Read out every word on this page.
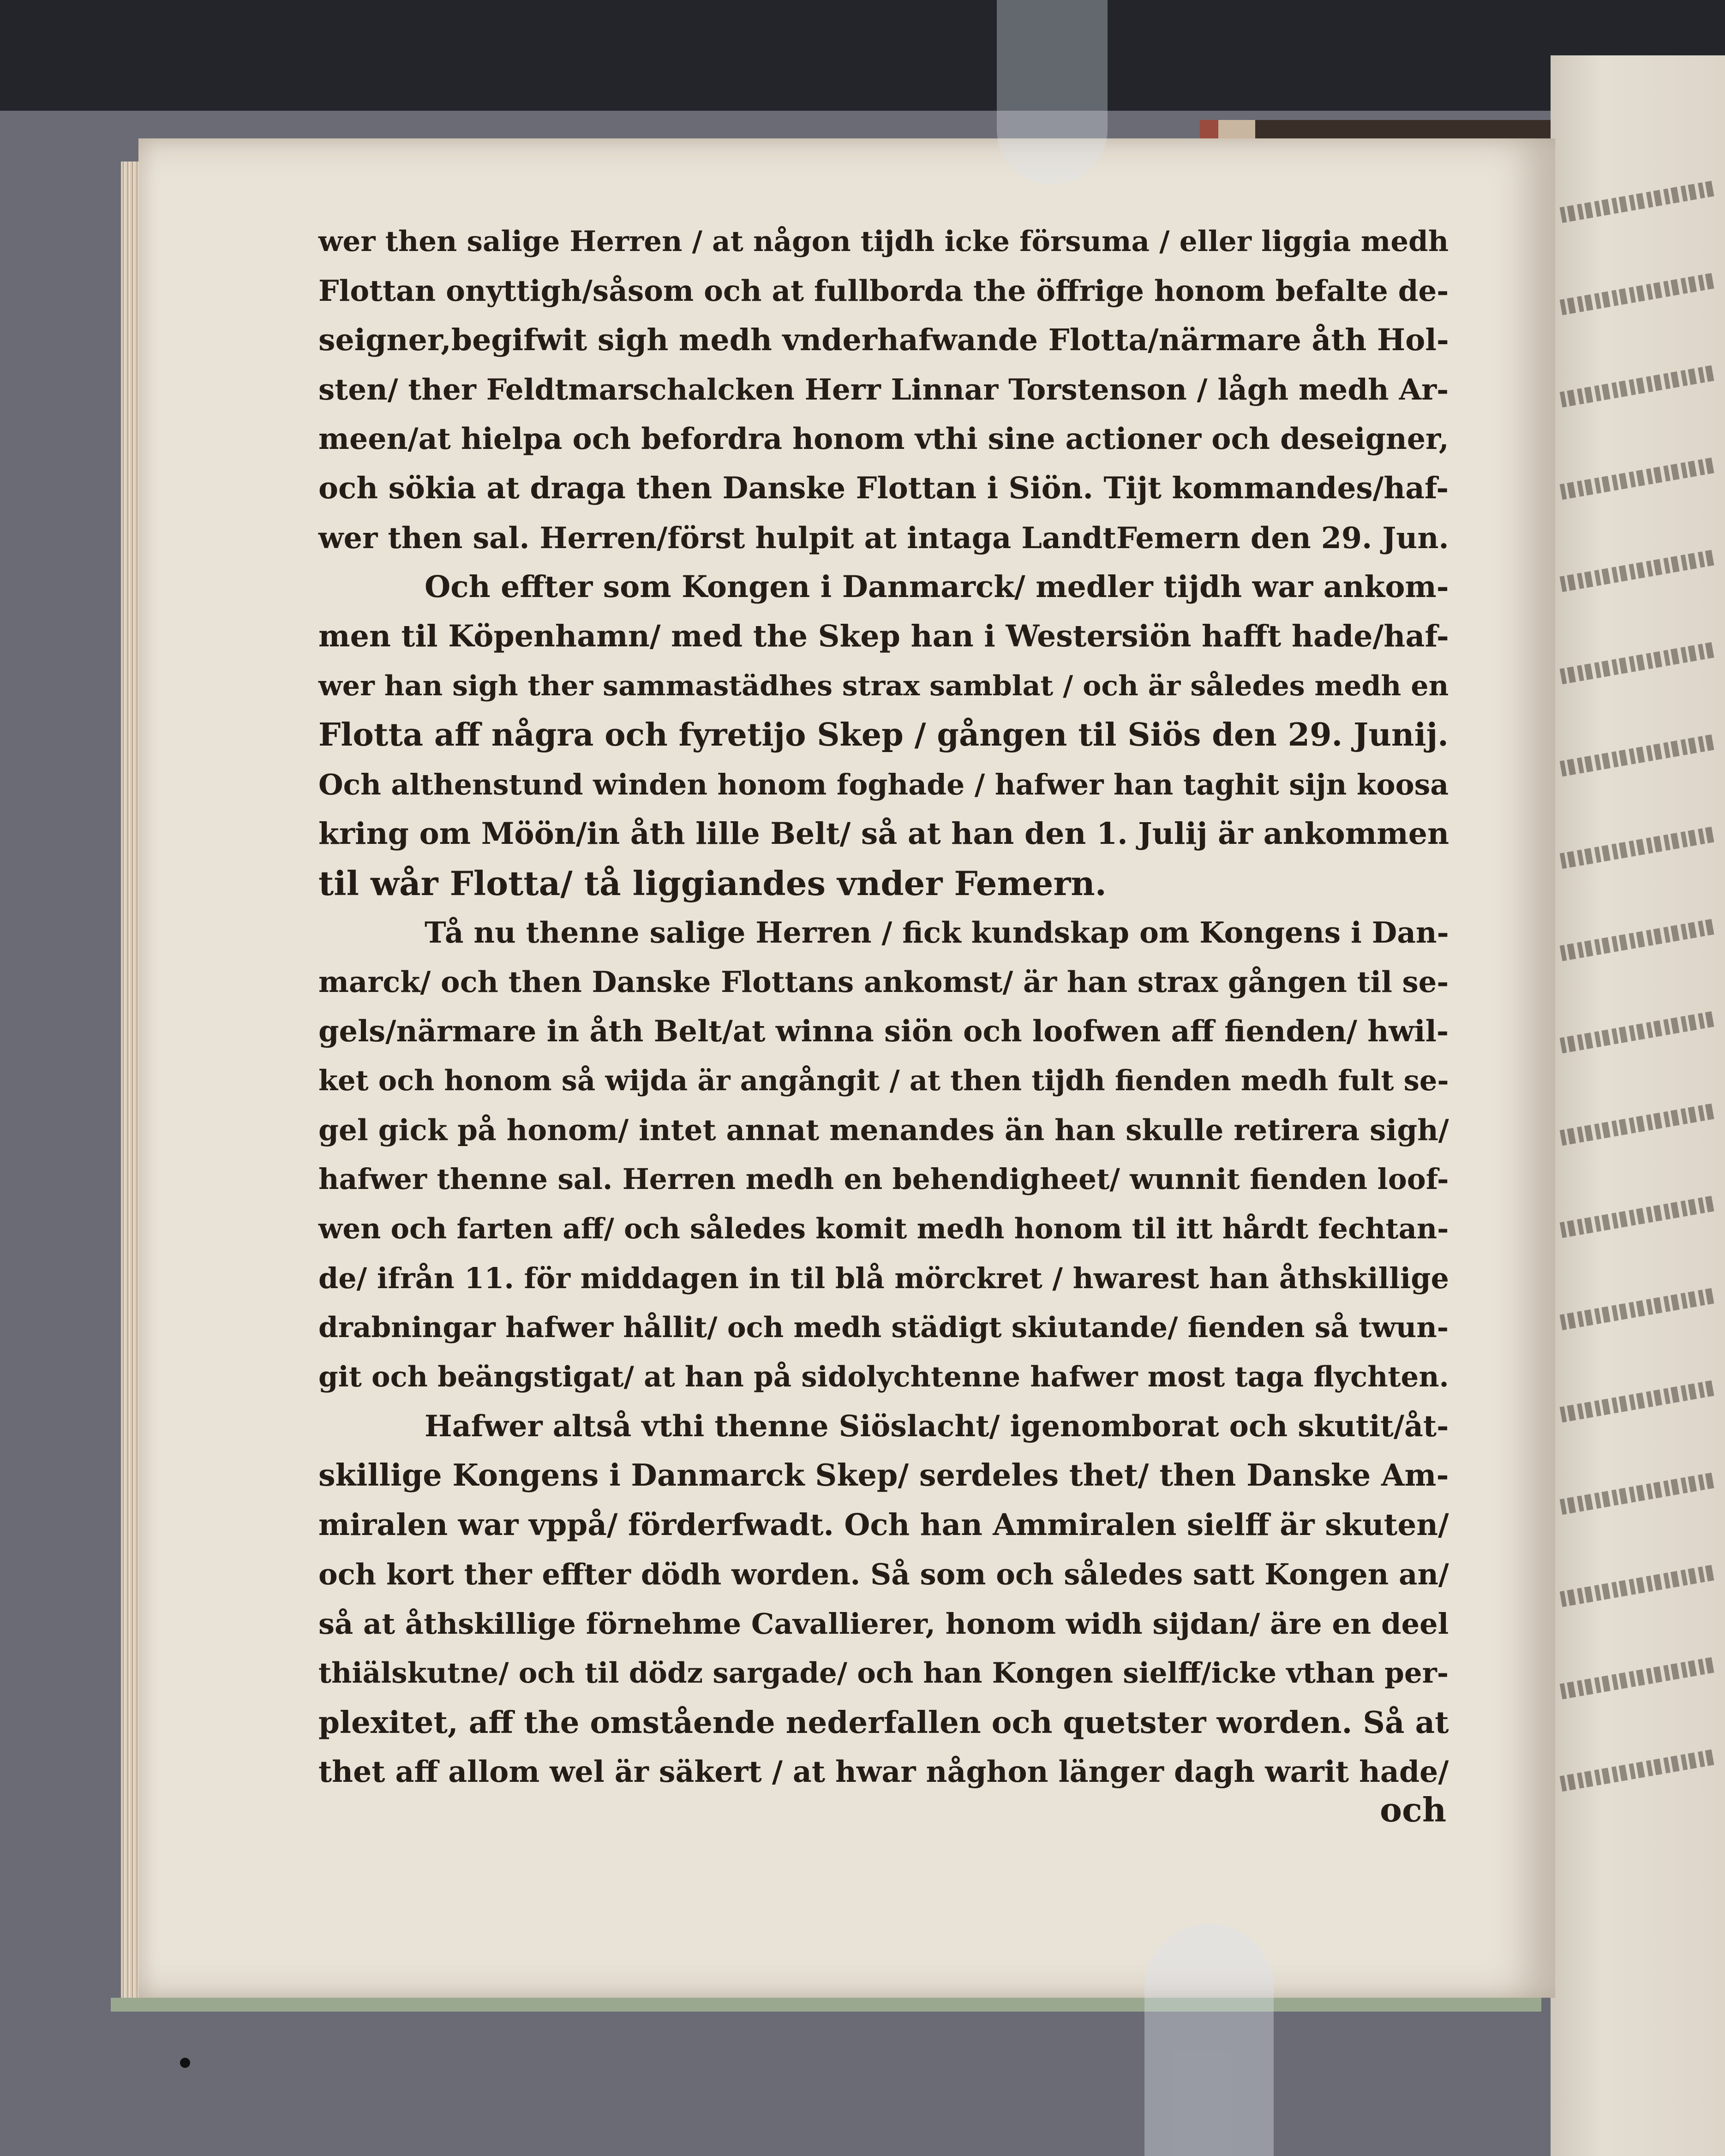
wer then salige Herren / at någon tijdh icke försuma / eller liggia medh
Flottan onyttigh/såsom och at fullborda the öffrige honom befalte de-
seigner,begifwit sigh medh vnderhafwande Flotta/närmare åth Hol-
sten/ ther Feldtmarschalcken Herr Linnar Torstenson / lågh medh Ar-
meen/at hielpa och befordra honom vthi sine actioner och deseigner,
och sökia at draga then Danske Flottan i Siön. Tijt kommandes/haf-
wer then sal. Herren/först hulpit at intaga LandtFemern den 29. Jun.
Och effter som Kongen i Danmarck/ medler tijdh war ankom-
men til Köpenhamn/ med the Skep han i Westersiön hafft hade/haf-
wer han sigh ther sammastädhes strax samblat / och är således medh en
Flotta aff några och fyretijo Skep / gången til Siös den 29. Junij.
Och althenstund winden honom foghade / hafwer han taghit sijn koosa
kring om Möön/in åth lille Belt/ så at han den 1. Julij är ankommen
til wår Flotta/ tå liggiandes vnder Femern.
Tå nu thenne salige Herren / fick kundskap om Kongens i Dan-
marck/ och then Danske Flottans ankomst/ är han strax gången til se-
gels/närmare in åth Belt/at winna siön och loofwen aff fienden/ hwil-
ket och honom så wijda är angångit / at then tijdh fienden medh fult se-
gel gick på honom/ intet annat menandes än han skulle retirera sigh/
hafwer thenne sal. Herren medh en behendigheet/ wunnit fienden loof-
wen och farten aff/ och således komit medh honom til itt hårdt fechtan-
de/ ifrån 11. för middagen in til blå mörckret / hwarest han åthskillige
drabningar hafwer hållit/ och medh städigt skiutande/ fienden så twun-
git och beängstigat/ at han på sidolychtenne hafwer most taga flychten.
Hafwer altså vthi thenne Siöslacht/ igenomborat och skutit/åt-
skillige Kongens i Danmarck Skep/ serdeles thet/ then Danske Am-
miralen war vppå/ förderfwadt. Och han Ammiralen sielff är skuten/
och kort ther effter dödh worden. Så som och således satt Kongen an/
så at åthskillige förnehme Cavallierer, honom widh sijdan/ äre en deel
thiälskutne/ och til dödz sargade/ och han Kongen sielff/icke vthan per-
plexitet, aff the omstående nederfallen och quetster worden. Så at
thet aff allom wel är säkert / at hwar någhon länger dagh warit hade/
och
